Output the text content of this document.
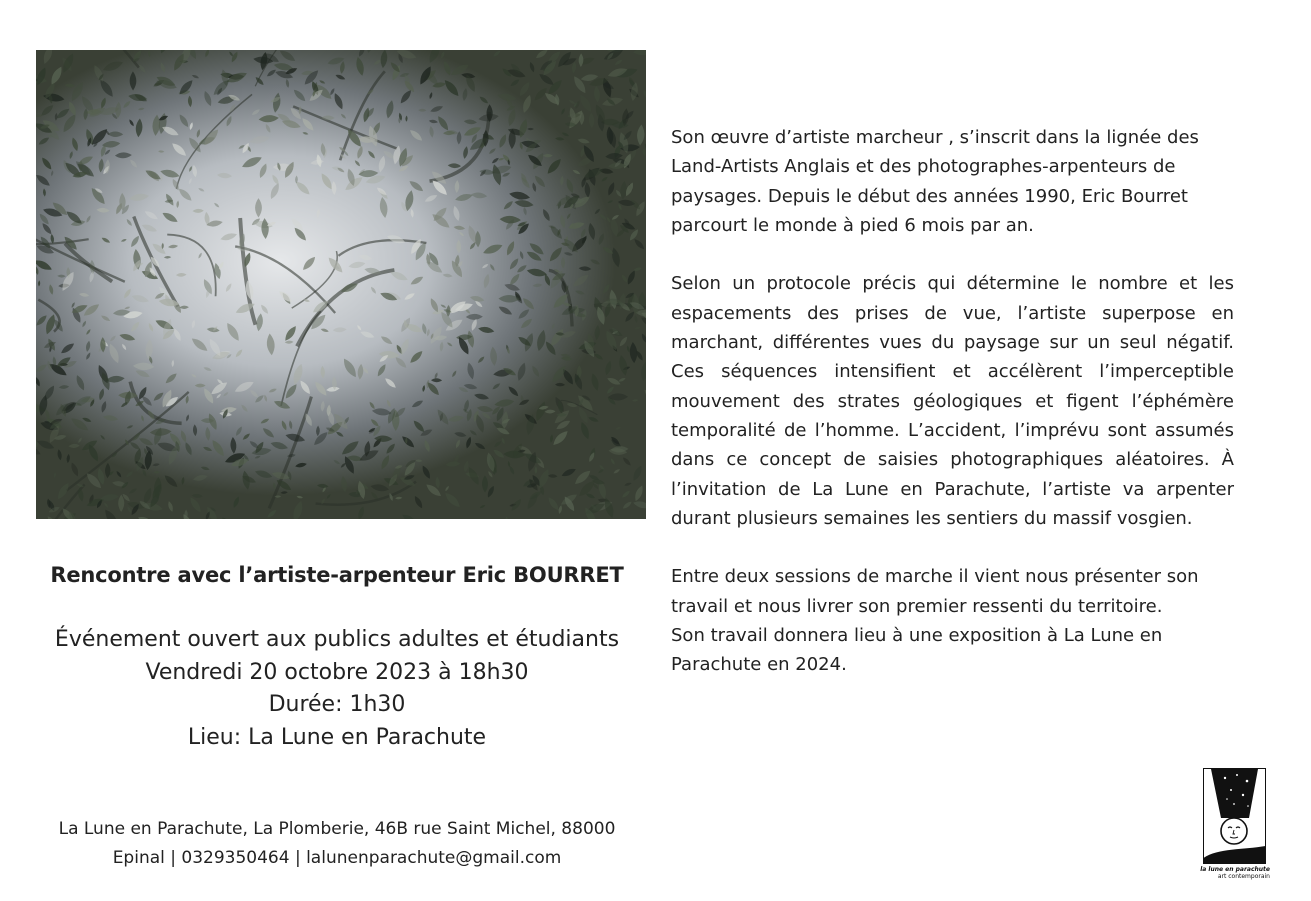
Rencontre avec l’artiste-arpenteur Eric BOURRET
Événement ouvert aux publics adultes et étudiants
Vendredi 20 octobre 2023 à 18h30
Durée: 1h30
Lieu: La Lune en Parachute
La Lune en Parachute, La Plomberie, 46B rue Saint Michel, 88000
Epinal | 0329350464 | lalunenparachute@gmail.com

Son œuvre d’artiste marcheur , s’inscrit dans la lignée des Land-Artists Anglais et des photographes-arpenteurs de paysages. Depuis le début des années 1990, Eric Bourret parcourt le monde à pied 6 mois par an.

Selon un protocole précis qui détermine le nombre et les espacements des prises de vue, l’artiste superpose en marchant, différentes vues du paysage sur un seul négatif. Ces séquences intensifient et accélèrent l’imperceptible mouvement des strates géologiques et figent l’éphémère temporalité de l’homme. L’accident, l’imprévu sont assumés dans ce concept de saisies photographiques aléatoires. À l’invitation de La Lune en Parachute, l’artiste va arpenter durant plusieurs semaines les sentiers du massif vosgien.

Entre deux sessions de marche il vient nous présenter son travail et nous livrer son premier ressenti du territoire.
Son travail donnera lieu à une exposition à La Lune en Parachute en 2024.

la lune en parachute
art contemporain
